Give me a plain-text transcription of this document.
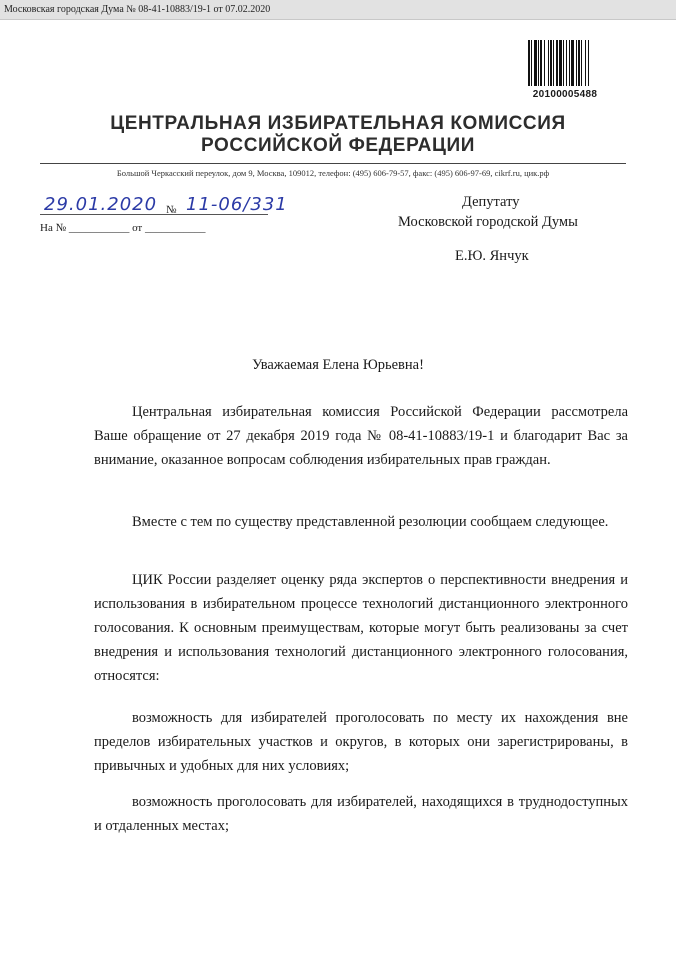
Московская городская Дума № 08-41-10883/19-1 от 07.02.2020
20100005488
ЦЕНТРАЛЬНАЯ ИЗБИРАТЕЛЬНАЯ КОМИССИЯ
РОССИЙСКОЙ ФЕДЕРАЦИИ
Большой Черкасский переулок, дом 9, Москва, 109012, телефон: (495) 606-79-57, факс: (495) 606-97-69, cikrf.ru, цик.рф
29.01.2020 № 11-06/331
На № ___________ от ___________
Депутату
Московской городской Думы
Е.Ю. Янчук
Уважаемая Елена Юрьевна!

Центральная избирательная комиссия Российской Федерации рассмотрела Ваше обращение от 27 декабря 2019 года № 08-41-10883/19-1 и благодарит Вас за внимание, оказанное вопросам соблюдения избирательных прав граждан.

Вместе с тем по существу представленной резолюции сообщаем следующее.

ЦИК России разделяет оценку ряда экспертов о перспективности внедрения и использования в избирательном процессе технологий дистанционного электронного голосования. К основным преимуществам, которые могут быть реализованы за счет внедрения и использования технологий дистанционного электронного голосования, относятся:

возможность для избирателей проголосовать по месту их нахождения вне пределов избирательных участков и округов, в которых они зарегистрированы, в привычных и удобных для них условиях;

возможность проголосовать для избирателей, находящихся в труднодоступных и отдаленных местах;
